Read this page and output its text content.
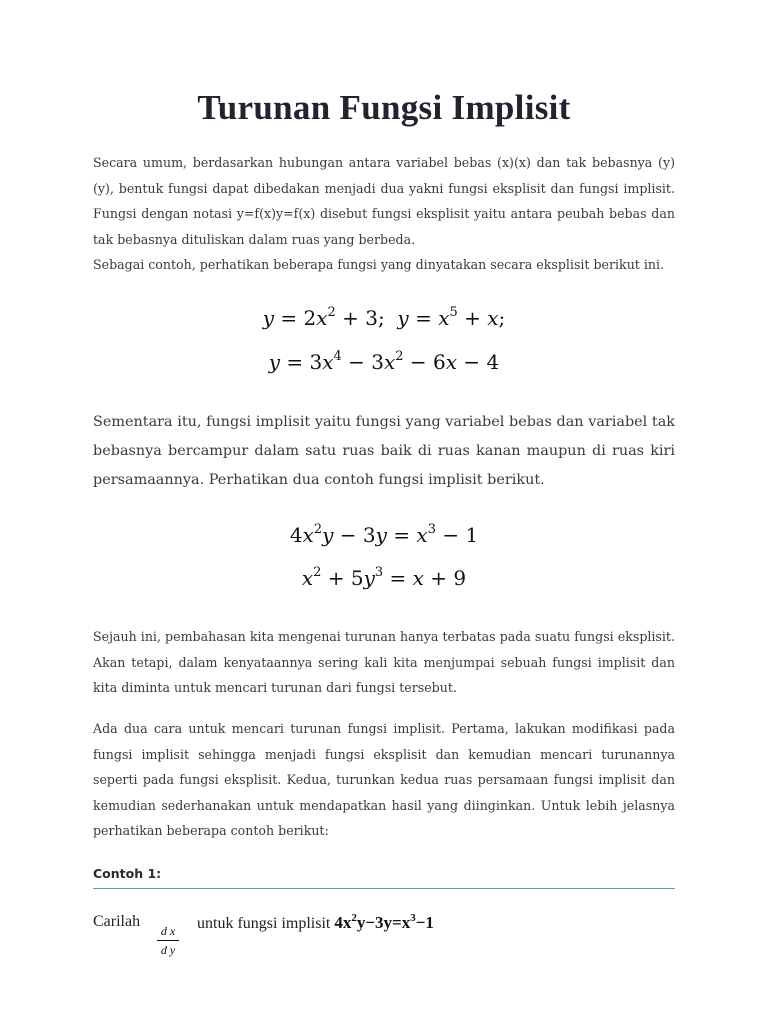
Turunan Fungsi Implisit

Secara umum, berdasarkan hubungan antara variabel bebas (x)(x) dan tak bebasnya (y)(y), bentuk fungsi dapat dibedakan menjadi dua yakni fungsi eksplisit dan fungsi implisit. Fungsi dengan notasi y=f(x)y=f(x) disebut fungsi eksplisit yaitu antara peubah bebas dan tak bebasnya dituliskan dalam ruas yang berbeda.

Sebagai contoh, perhatikan beberapa fungsi yang dinyatakan secara eksplisit berikut ini.

$y = 2x^2 + 3$;  $y = x^5 + x$;
$y = 3x^4 - 3x^2 - 6x - 4$

Sementara itu, fungsi implisit yaitu fungsi yang variabel bebas dan variabel tak bebasnya bercampur dalam satu ruas baik di ruas kanan maupun di ruas kiri persamaannya. Perhatikan dua contoh fungsi implisit berikut.

$4x^2y - 3y = x^3 - 1$
$x^2 + 5y^3 = x + 9$

Sejauh ini, pembahasan kita mengenai turunan hanya terbatas pada suatu fungsi eksplisit. Akan tetapi, dalam kenyataannya sering kali kita menjumpai sebuah fungsi implisit dan kita diminta untuk mencari turunan dari fungsi tersebut.

Ada dua cara untuk mencari turunan fungsi implisit. Pertama, lakukan modifikasi pada fungsi implisit sehingga menjadi fungsi eksplisit dan kemudian mencari turunannya seperti pada fungsi eksplisit. Kedua, turunkan kedua ruas persamaan fungsi implisit dan kemudian sederhanakan untuk mendapatkan hasil yang diinginkan. Untuk lebih jelasnya perhatikan beberapa contoh berikut:

Contoh 1:
Carilah
d x
d y
untuk fungsi implisit $4x^2y-3y=x^3-1$
